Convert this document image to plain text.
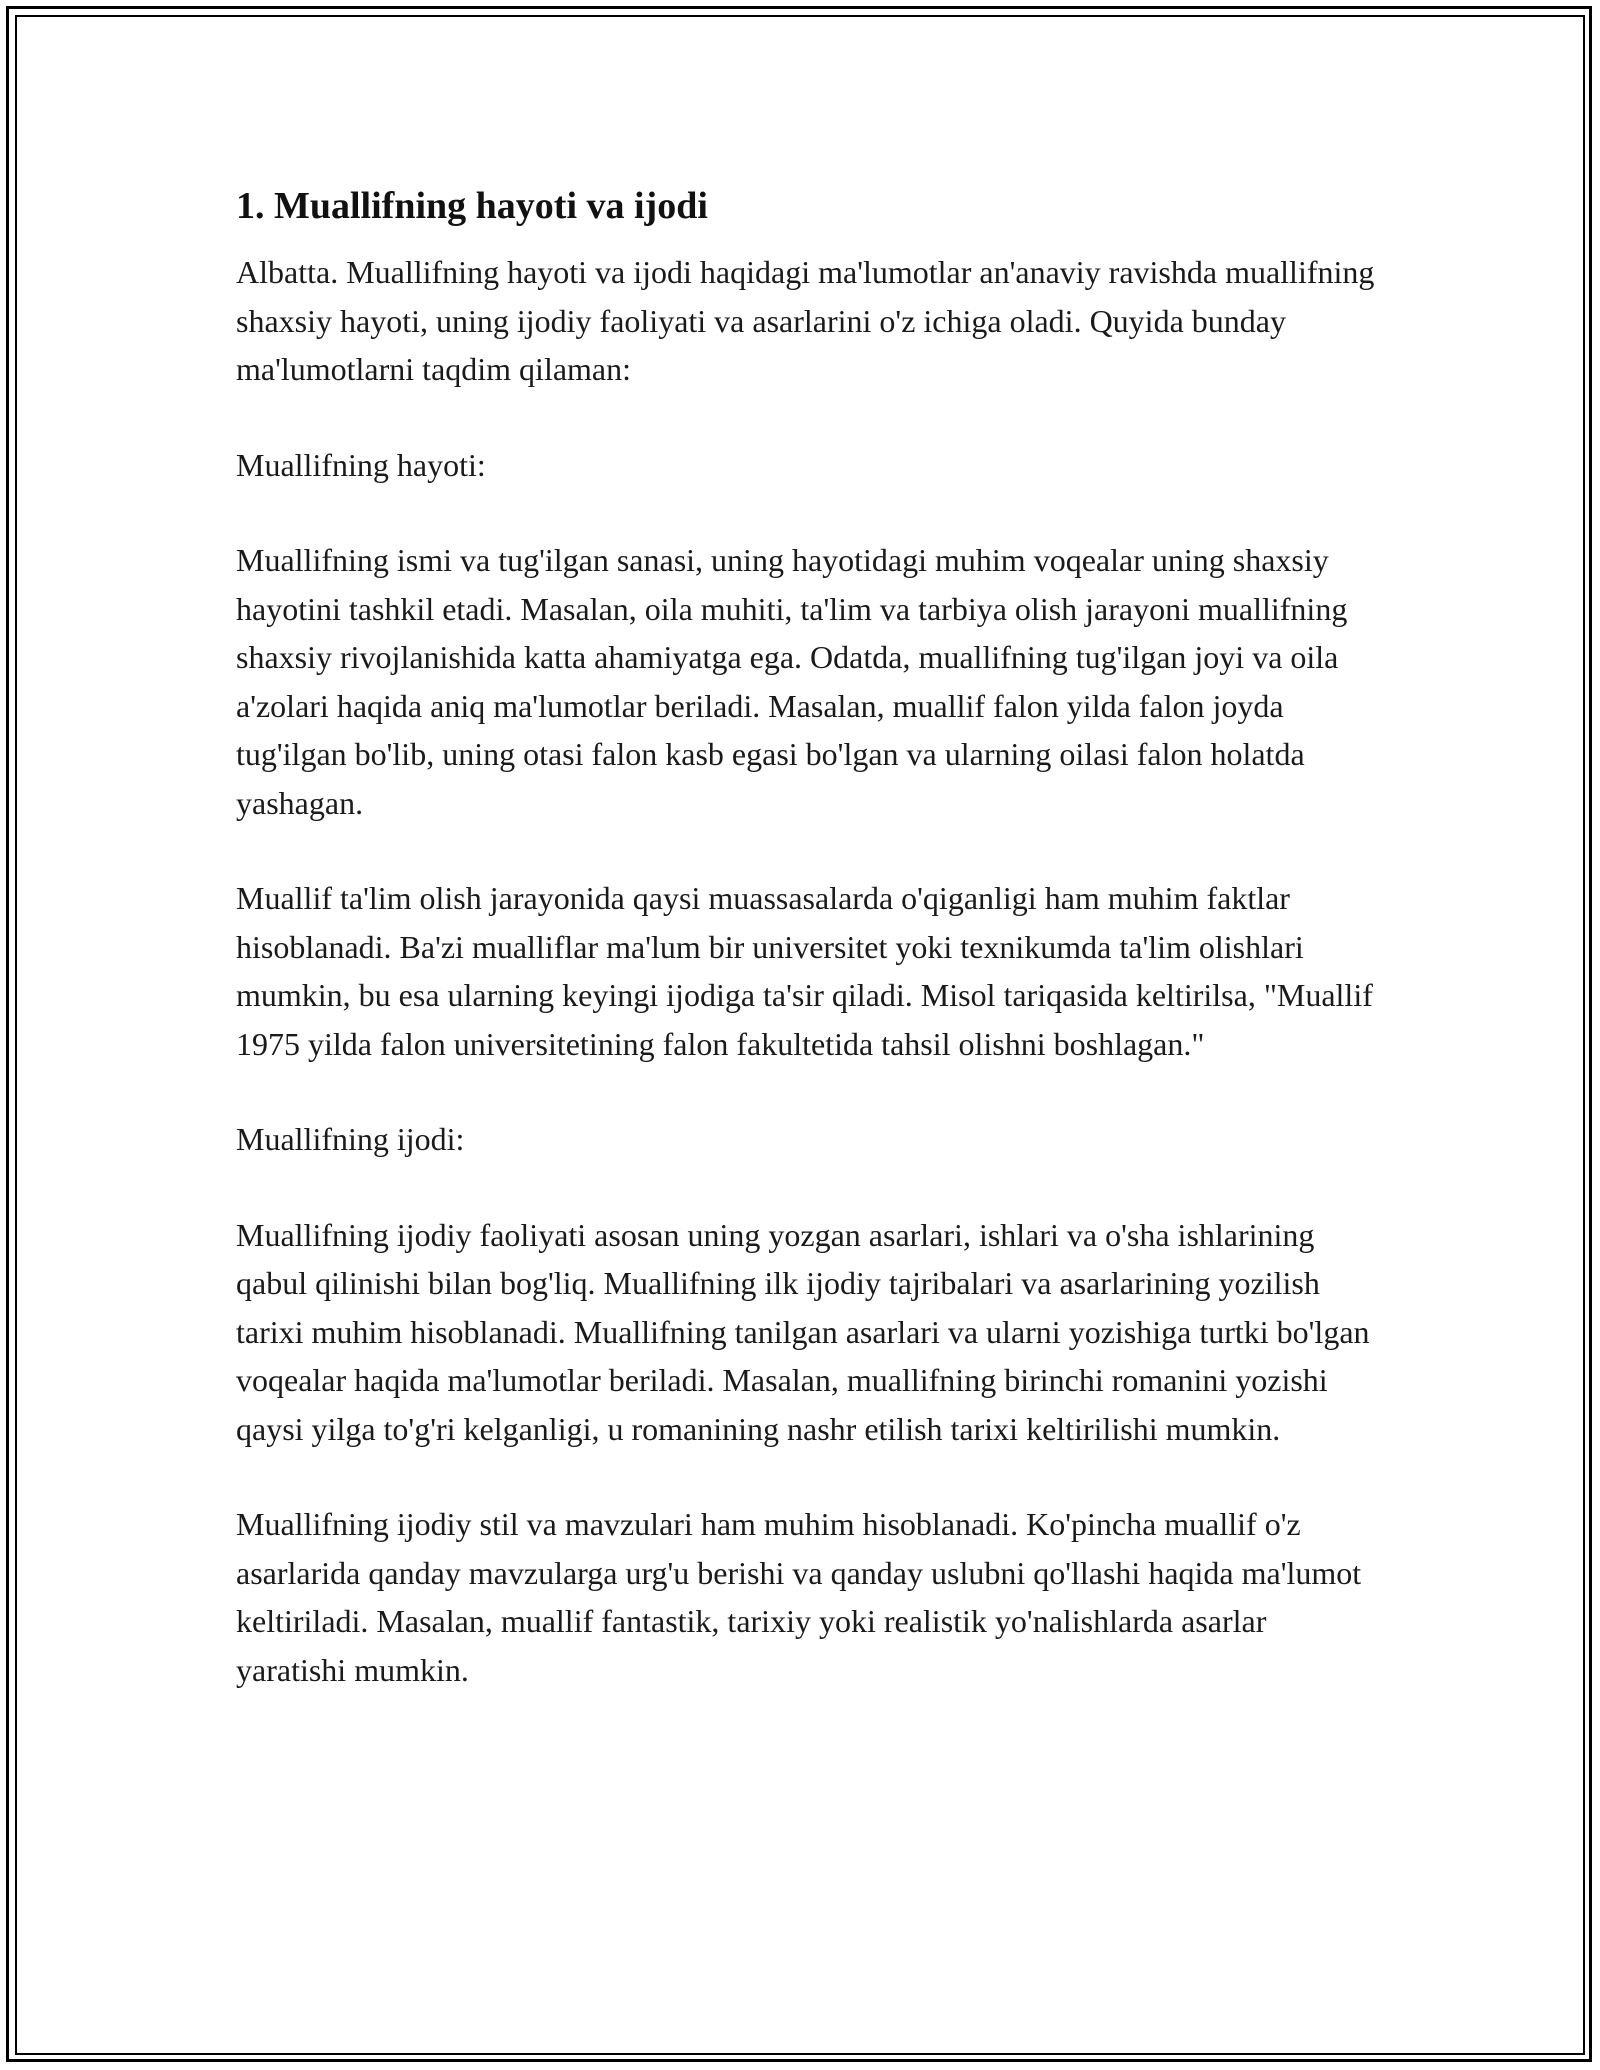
1. Muallifning hayoti va ijodi

Albatta. Muallifning hayoti va ijodi haqidagi ma'lumotlar an'anaviy ravishda muallifning shaxsiy hayoti, uning ijodiy faoliyati va asarlarini o'z ichiga oladi. Quyida bunday ma'lumotlarni taqdim qilaman:

Muallifning hayoti:

Muallifning ismi va tug'ilgan sanasi, uning hayotidagi muhim voqealar uning shaxsiy hayotini tashkil etadi. Masalan, oila muhiti, ta'lim va tarbiya olish jarayoni muallifning shaxsiy rivojlanishida katta ahamiyatga ega. Odatda, muallifning tug'ilgan joyi va oila a'zolari haqida aniq ma'lumotlar beriladi. Masalan, muallif falon yilda falon joyda tug'ilgan bo'lib, uning otasi falon kasb egasi bo'lgan va ularning oilasi falon holatda yashagan.

Muallif ta'lim olish jarayonida qaysi muassasalarda o'qiganligi ham muhim faktlar hisoblanadi. Ba'zi mualliflar ma'lum bir universitet yoki texnikumda ta'lim olishlari mumkin, bu esa ularning keyingi ijodiga ta'sir qiladi. Misol tariqasida keltirilsa, "Muallif 1975 yilda falon universitetining falon fakultetida tahsil olishni boshlagan."

Muallifning ijodi:

Muallifning ijodiy faoliyati asosan uning yozgan asarlari, ishlari va o'sha ishlarining qabul qilinishi bilan bog'liq. Muallifning ilk ijodiy tajribalari va asarlarining yozilish tarixi muhim hisoblanadi. Muallifning tanilgan asarlari va ularni yozishiga turtki bo'lgan voqealar haqida ma'lumotlar beriladi. Masalan, muallifning birinchi romanini yozishi qaysi yilga to'g'ri kelganligi, u romanining nashr etilish tarixi keltirilishi mumkin.

Muallifning ijodiy stil va mavzulari ham muhim hisoblanadi. Ko'pincha muallif o'z asarlarida qanday mavzularga urg'u berishi va qanday uslubni qo'llashi haqida ma'lumot keltiriladi. Masalan, muallif fantastik, tarixiy yoki realistik yo'nalishlarda asarlar yaratishi mumkin.
